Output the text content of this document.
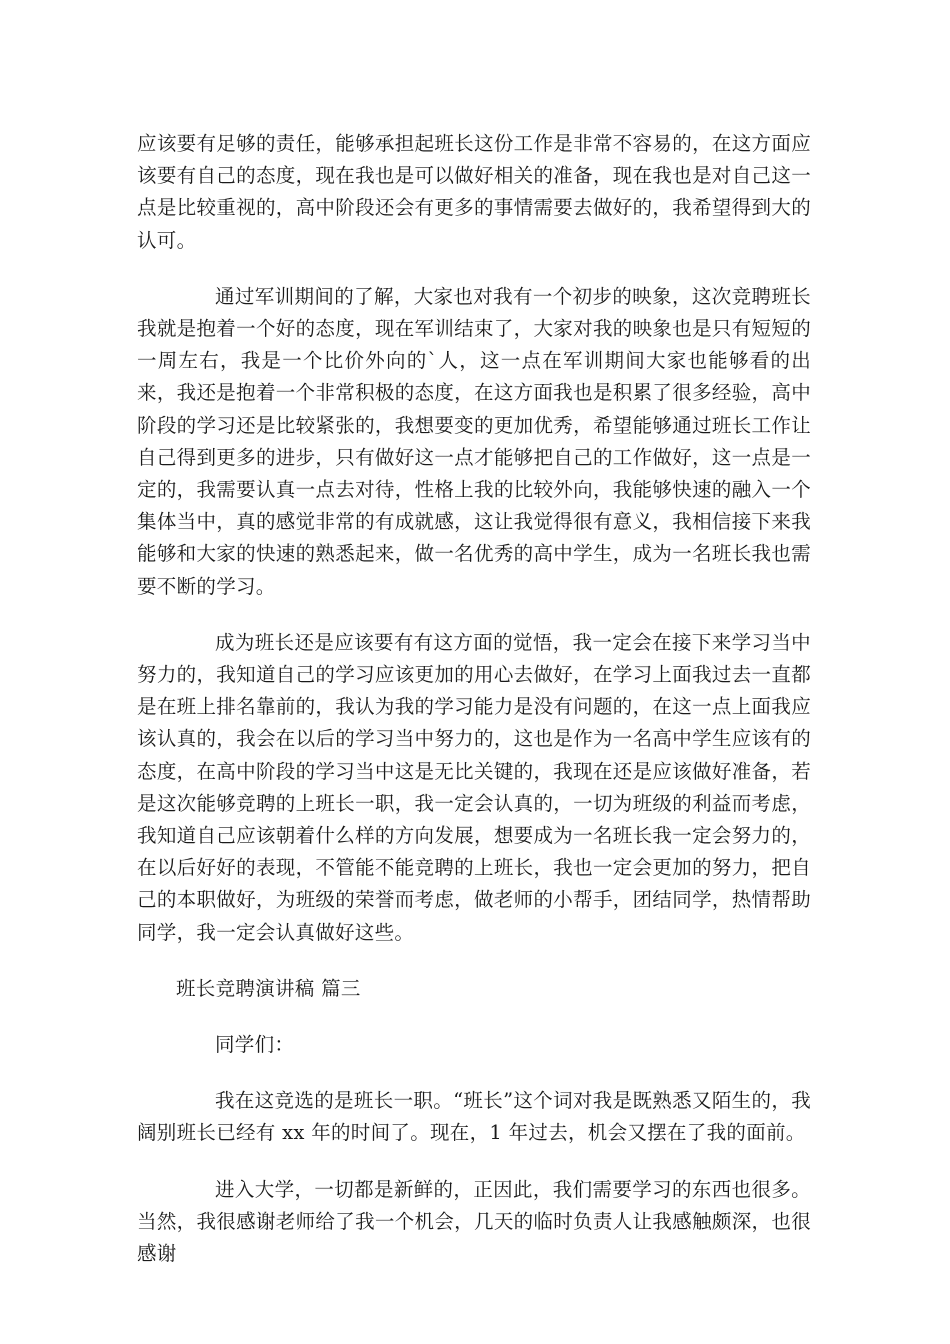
应该要有足够的责任，能够承担起班长这份工作是非常不容易的，在这方面应该要有自己的态度，现在我也是可以做好相关的准备，现在我也是对自己这一点是比较重视的，高中阶段还会有更多的事情需要去做好的，我希望得到大的认可。

通过军训期间的了解，大家也对我有一个初步的映象，这次竞聘班长我就是抱着一个好的态度，现在军训结束了，大家对我的映象也是只有短短的一周左右，我是一个比价外向的`人，这一点在军训期间大家也能够看的出来，我还是抱着一个非常积极的态度，在这方面我也是积累了很多经验，高中阶段的学习还是比较紧张的，我想要变的更加优秀，希望能够通过班长工作让自己得到更多的进步，只有做好这一点才能够把自己的工作做好，这一点是一定的，我需要认真一点去对待，性格上我的比较外向，我能够快速的融入一个集体当中，真的感觉非常的有成就感，这让我觉得很有意义，我相信接下来我能够和大家的快速的熟悉起来，做一名优秀的高中学生，成为一名班长我也需要不断的学习。

成为班长还是应该要有有这方面的觉悟，我一定会在接下来学习当中努力的，我知道自己的学习应该更加的用心去做好，在学习上面我过去一直都是在班上排名靠前的，我认为我的学习能力是没有问题的，在这一点上面我应该认真的，我会在以后的学习当中努力的，这也是作为一名高中学生应该有的态度，在高中阶段的学习当中这是无比关键的，我现在还是应该做好准备，若是这次能够竞聘的上班长一职，我一定会认真的，一切为班级的利益而考虑，我知道自己应该朝着什么样的方向发展，想要成为一名班长我一定会努力的，在以后好好的表现，不管能不能竞聘的上班长，我也一定会更加的努力，把自己的本职做好，为班级的荣誉而考虑，做老师的小帮手，团结同学，热情帮助同学，我一定会认真做好这些。

班长竞聘演讲稿 篇三

同学们：

我在这竞选的是班长一职。“班长”这个词对我是既熟悉又陌生的，我阔别班长已经有 xx 年的时间了。现在，1 年过去，机会又摆在了我的面前。

进入大学，一切都是新鲜的，正因此，我们需要学习的东西也很多。当然，我很感谢老师给了我一个机会，几天的临时负责人让我感触颇深，也很感谢
